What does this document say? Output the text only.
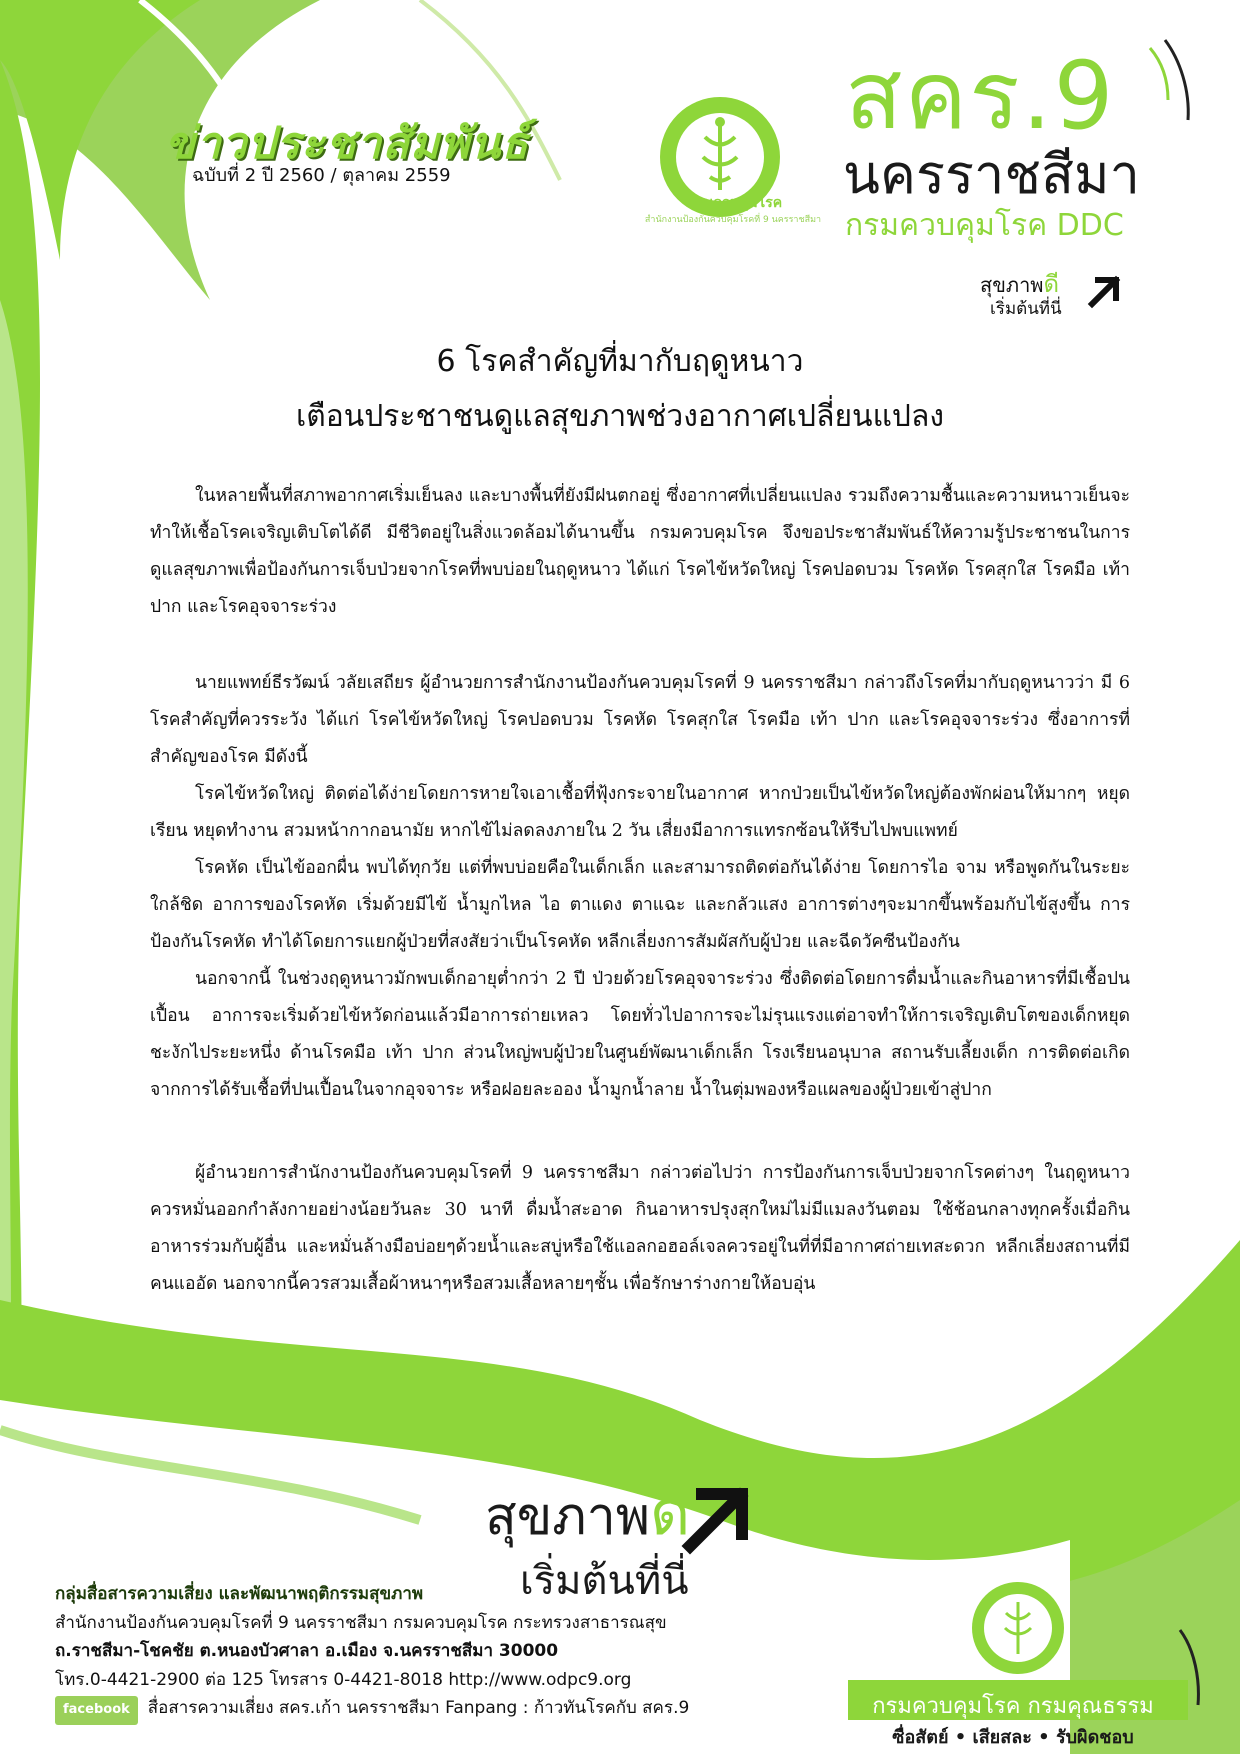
ข่าวประชาสัมพันธ์
ฉบับที่ 2 ปี 2560 / ตุลาคม 2559
กรมควบคุมโรค
สำนักงานป้องกันควบคุมโรคที่ 9 นครราชสีมา
สคร.9
นครราชสีมา
กรมควบคุมโรค DDC
สุขภาพดี
เริ่มต้นที่นี่
6 โรคสำคัญที่มากับฤดูหนาว
เตือนประชาชนดูแลสุขภาพช่วงอากาศเปลี่ยนแปลง

ในหลายพื้นที่สภาพอากาศเริ่มเย็นลง และบางพื้นที่ยังมีฝนตกอยู่ ซึ่งอากาศที่เปลี่ยนแปลง รวมถึงความชื้นและความหนาวเย็นจะทำให้เชื้อโรคเจริญเติบโตได้ดี มีชีวิตอยู่ในสิ่งแวดล้อมได้นานขึ้น กรมควบคุมโรค จึงขอประชาสัมพันธ์ให้ความรู้ประชาชนในการดูแลสุขภาพเพื่อป้องกันการเจ็บป่วยจากโรคที่พบบ่อยในฤดูหนาว ได้แก่ โรคไข้หวัดใหญ่ โรคปอดบวม โรคหัด โรคสุกใส โรคมือ เท้า ปาก และโรคอุจจาระร่วง

นายแพทย์ธีรวัฒน์ วลัยเสถียร ผู้อำนวยการสำนักงานป้องกันควบคุมโรคที่ 9 นครราชสีมา กล่าวถึงโรคที่มากับฤดูหนาวว่า มี 6 โรคสำคัญที่ควรระวัง ได้แก่ โรคไข้หวัดใหญ่ โรคปอดบวม โรคหัด โรคสุกใส โรคมือ เท้า ปาก และโรคอุจจาระร่วง ซึ่งอาการที่สำคัญของโรค มีดังนี้

โรคไข้หวัดใหญ่ ติดต่อได้ง่ายโดยการหายใจเอาเชื้อที่ฟุ้งกระจายในอากาศ หากป่วยเป็นไข้หวัดใหญ่ต้องพักผ่อนให้มากๆ หยุดเรียน หยุดทำงาน สวมหน้ากากอนามัย หากไข้ไม่ลดลงภายใน 2 วัน เสี่ยงมีอาการแทรกซ้อนให้รีบไปพบแพทย์

โรคหัด เป็นไข้ออกผื่น พบได้ทุกวัย แต่ที่พบบ่อยคือในเด็กเล็ก และสามารถติดต่อกันได้ง่าย โดยการไอ จาม หรือพูดกันในระยะใกล้ชิด อาการของโรคหัด เริ่มด้วยมีไข้ น้ำมูกไหล ไอ ตาแดง ตาแฉะ และกลัวแสง อาการต่างๆจะมากขึ้นพร้อมกับไข้สูงขึ้น การป้องกันโรคหัด ทำได้โดยการแยกผู้ป่วยที่สงสัยว่าเป็นโรคหัด หลีกเลี่ยงการสัมผัสกับผู้ป่วย และฉีดวัคซีนป้องกัน

นอกจากนี้ ในช่วงฤดูหนาวมักพบเด็กอายุต่ำกว่า 2 ปี ป่วยด้วยโรคอุจจาระร่วง ซึ่งติดต่อโดยการดื่มน้ำและกินอาหารที่มีเชื้อปนเปื้อน อาการจะเริ่มด้วยไข้หวัดก่อนแล้วมีอาการถ่ายเหลว โดยทั่วไปอาการจะไม่รุนแรงแต่อาจทำให้การเจริญเติบโตของเด็กหยุดชะงักไประยะหนึ่ง ด้านโรคมือ เท้า ปาก ส่วนใหญ่พบผู้ป่วยในศูนย์พัฒนาเด็กเล็ก โรงเรียนอนุบาล สถานรับเลี้ยงเด็ก การติดต่อเกิดจากการได้รับเชื้อที่ปนเปื้อนในจากอุจจาระ หรือฝอยละออง น้ำมูกน้ำลาย น้ำในตุ่มพองหรือแผลของผู้ป่วยเข้าสู่ปาก

ผู้อำนวยการสำนักงานป้องกันควบคุมโรคที่ 9 นครราชสีมา กล่าวต่อไปว่า การป้องกันการเจ็บป่วยจากโรคต่างๆ ในฤดูหนาว ควรหมั่นออกกำลังกายอย่างน้อยวันละ 30 นาที ดื่มน้ำสะอาด กินอาหารปรุงสุกใหม่ไม่มีแมลงวันตอม ใช้ช้อนกลางทุกครั้งเมื่อกินอาหารร่วมกับผู้อื่น และหมั่นล้างมือบ่อยๆด้วยน้ำและสบู่หรือใช้แอลกอฮอล์เจลควรอยู่ในที่ที่มีอากาศถ่ายเทสะดวก หลีกเลี่ยงสถานที่มีคนแออัด นอกจากนี้ควรสวมเสื้อผ้าหนาๆหรือสวมเสื้อหลายๆชั้น เพื่อรักษาร่างกายให้อบอุ่น

สุขภาพดี
เริ่มต้นที่นี่
กลุ่มสื่อสารความเสี่ยง และพัฒนาพฤติกรรมสุขภาพ
สำนักงานป้องกันควบคุมโรคที่ 9 นครราชสีมา กรมควบคุมโรค กระทรวงสาธารณสุข
ถ.ราชสีมา-โชคชัย ต.หนองบัวศาลา อ.เมือง จ.นครราชสีมา 30000
โทร.0-4421-2900 ต่อ 125 โทรสาร 0-4421-8018 http://www.odpc9.org
facebook สื่อสารความเสี่ยง สคร.เก้า นครราชสีมา Fanpang : ก้าวทันโรคกับ สคร.9	กรมควบคุมโรค กรมคุณธรรม
ซื่อสัตย์ • เสียสละ • รับผิดชอบ
